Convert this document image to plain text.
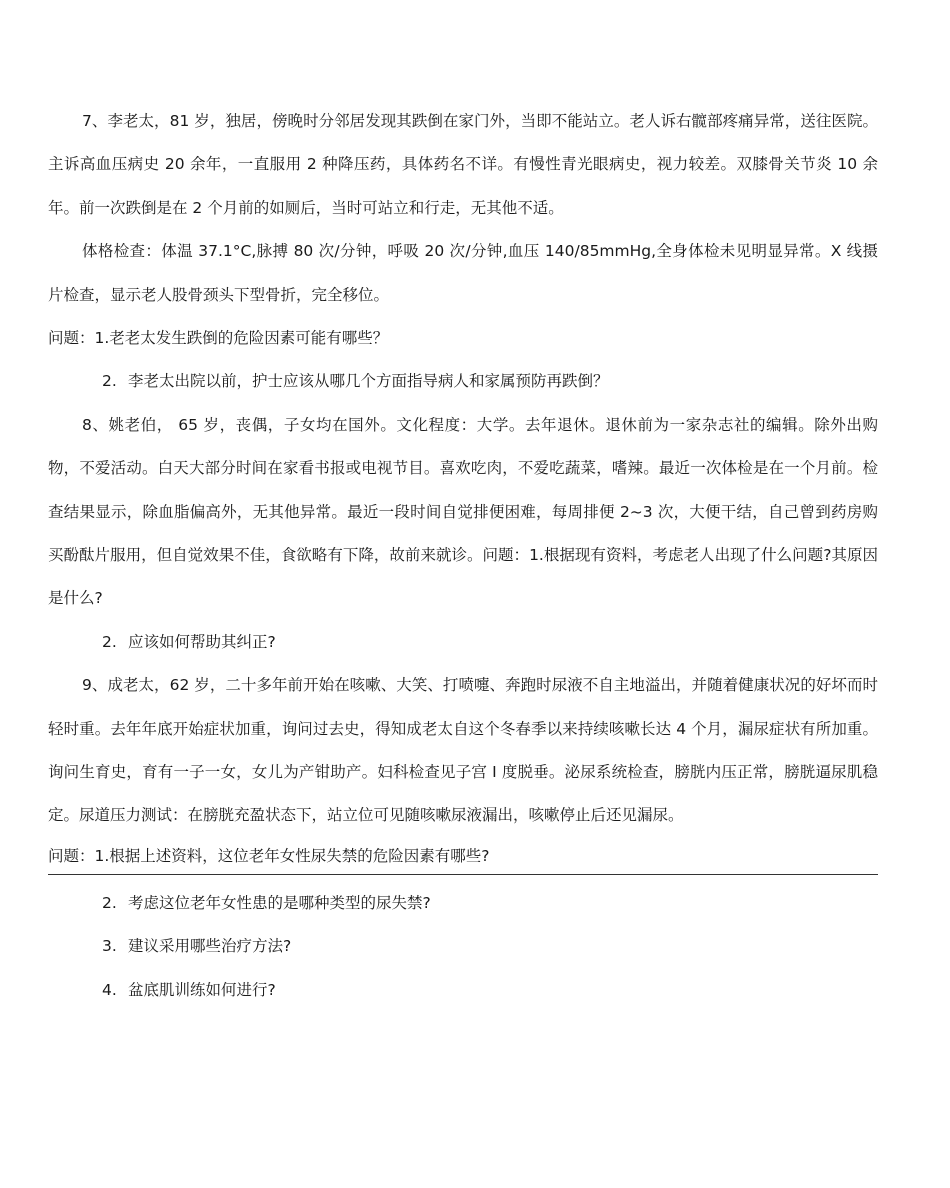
7、李老太，81 岁，独居，傍晚时分邻居发现其跌倒在家门外，当即不能站立。老人诉右髋部疼痛异常，送往医院。主诉高血压病史 20 余年，一直服用 2 种降压药，具体药名不详。有慢性青光眼病史，视力较差。双膝骨关节炎 10 余年。前一次跌倒是在 2 个月前的如厕后，当时可站立和行走，无其他不适。

体格检查：体温 37.1°C,脉搏 80 次/分钟，呼吸 20 次/分钟,血压 140/85mmHg,全身体检未见明显异常。X 线摄片检查，显示老人股骨颈头下型骨折，完全移位。

问题：1.老老太发生跌倒的危险因素可能有哪些？
2. 李老太出院以前，护士应该从哪几个方面指导病人和家属预防再跌倒？

8、姚老伯， 65 岁，丧偶，子女均在国外。文化程度：大学。去年退休。退休前为一家杂志社的编辑。除外出购物，不爱活动。白天大部分时间在家看书报或电视节目。喜欢吃肉，不爱吃蔬菜，嗜辣。最近一次体检是在一个月前。检查结果显示，除血脂偏高外，无其他异常。最近一段时间自觉排便困难，每周排便 2~3 次，大便干结，自己曾到药房购买酚酞片服用，但自觉效果不佳，食欲略有下降，故前来就诊。问题：1.根据现有资料，考虑老人出现了什么问题?其原因是什么?

2. 应该如何帮助其纠正?

9、成老太，62 岁，二十多年前开始在咳嗽、大笑、打喷嚏、奔跑时尿液不自主地溢出，并随着健康状况的好坏而时轻时重。去年年底开始症状加重，询问过去史，得知成老太自这个冬春季以来持续咳嗽长达 4 个月，漏尿症状有所加重。询问生育史，育有一子一女，女儿为产钳助产。妇科检查见子宫 I 度脱垂。泌尿系统检查，膀胱内压正常，膀胱逼尿肌稳定。尿道压力测试：在膀胱充盈状态下，站立位可见随咳嗽尿液漏出，咳嗽停止后还见漏尿。

问题：1.根据上述资料，这位老年女性尿失禁的危险因素有哪些?
2. 考虑这位老年女性患的是哪种类型的尿失禁?
3. 建议采用哪些治疗方法?
4. 盆底肌训练如何进行?
